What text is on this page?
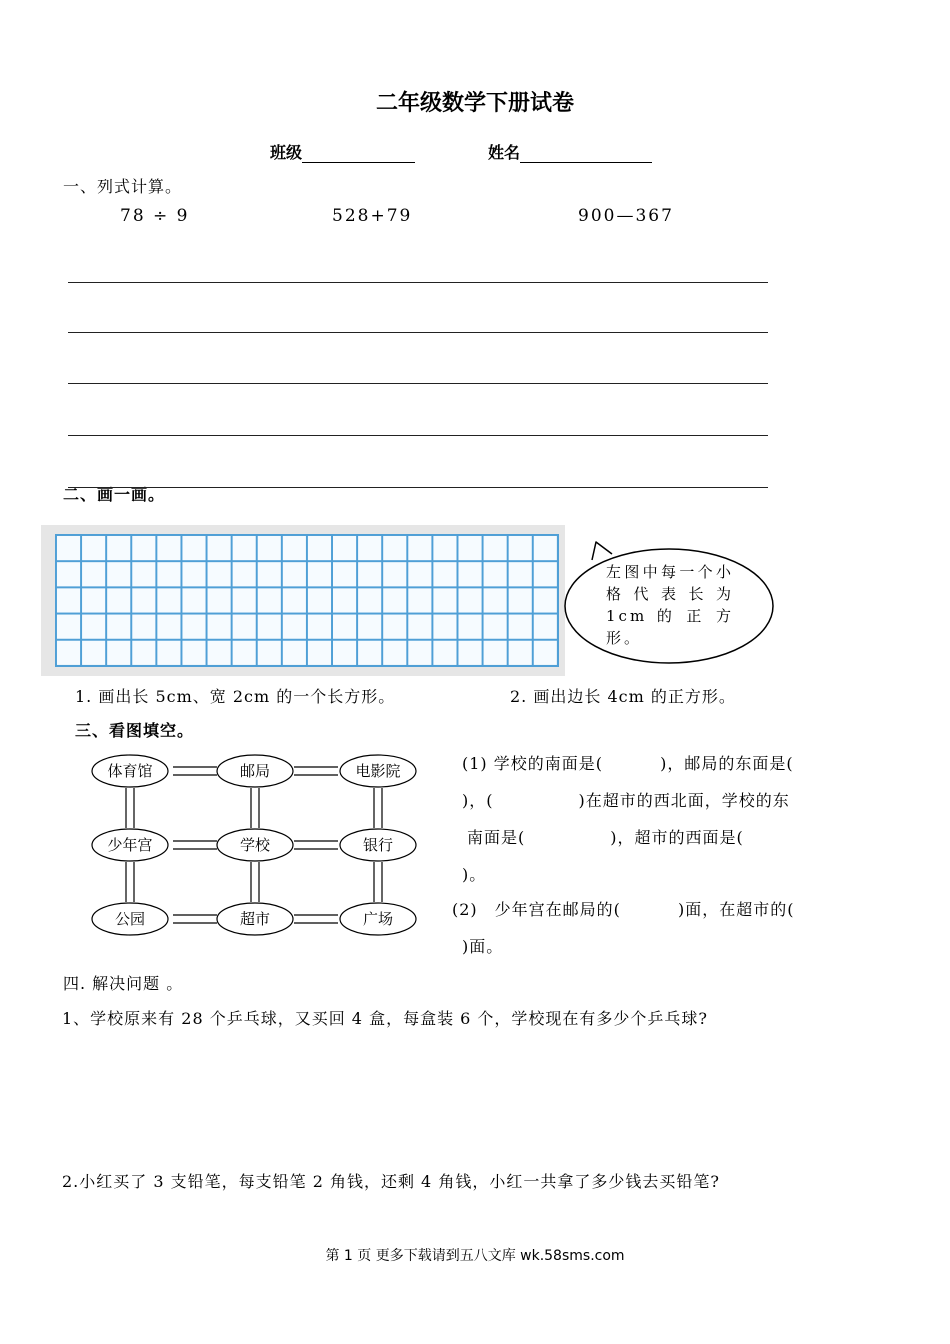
二年级数学下册试卷
班级	姓名
一、列式计算。
78 ÷ 9	528+79	900—367
二、画一画。
左图中每一个小格代表长为1cm 的 正 方 形。
1. 画出长 5cm、宽 2cm 的一个长方形。	2. 画出边长 4cm 的正方形。
三、看图填空。
体育馆	邮局	电影院
少年宫	学校	银行
公园	超市	广场
(1) 学校的南面是(　　　 )，邮局的东面是(
)，(　　　　　)在超市的西北面，学校的东
南面是(　　　　　)，超市的西面是(
)。
(2)　少年宫在邮局的(　　　 )面，在超市的(
)面。
四. 解决问题 。
1、学校原来有 28 个乒乓球，又买回 4 盒，每盒装 6 个，学校现在有多少个乒乓球?
2.小红买了 3 支铅笔，每支铅笔 2 角钱，还剩 4 角钱，小红一共拿了多少钱去买铅笔?
第 1 页 更多下载请到五八文库 wk.58sms.com
